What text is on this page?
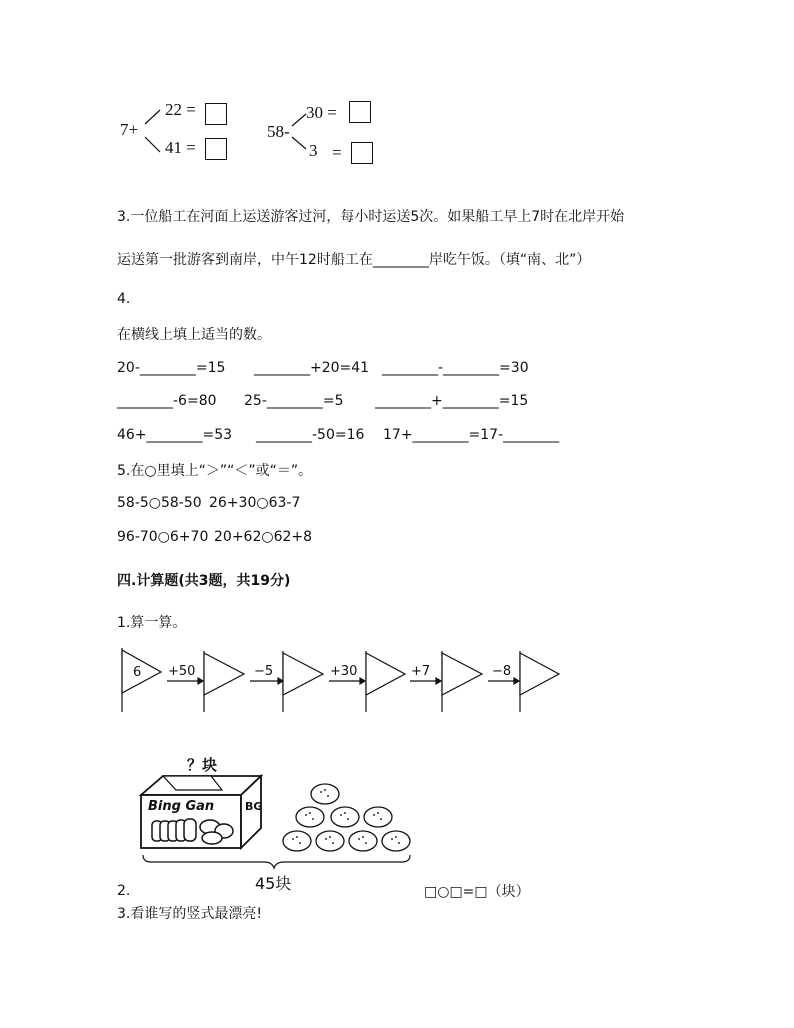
7+
22 =
41 =
58-
30 =
3 =
3.一位船工在河面上运送游客过河，每小时运送5次。如果船工早上7时在北岸开始
运送第一批游客到南岸，中午12时船工在________岸吃午饭。（填“南、北”）
4.
在横线上填上适当的数。
20-________=15 ________+20=41 ________-________=30
________-6=80 25-________=5 ________+________=15
46+________=53 ________-50=16 17+________=17-________
5.在○里填上“＞”“＜”或“＝”。
58-5○58-50 26+30○63-7
96-70○6+70 20+62○62+8
四.计算题(共3题，共19分)
1.算一算。
6 +50	−5	+30	+7	−8
？块
Bing Gan	BG
45块
2.	□○□=□（块）
3.看谁写的竖式最漂亮!
